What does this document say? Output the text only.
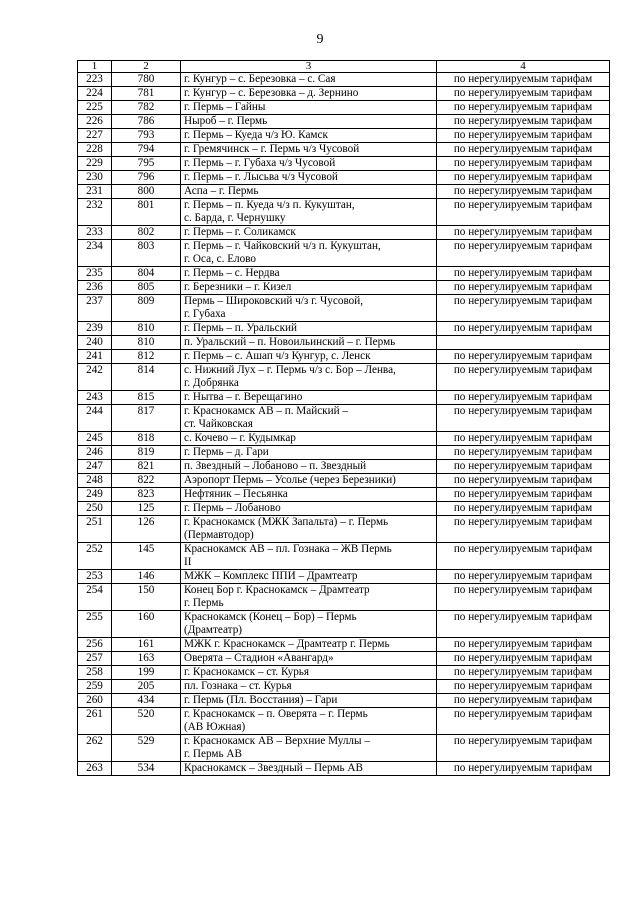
9
1	2	3	4
223	780	г. Кунгур – с. Березовка – с. Сая	по нерегулируемым тарифам
224	781	г. Кунгур – с. Березовка – д. Зернино	по нерегулируемым тарифам
225	782	г. Пермь – Гайны	по нерегулируемым тарифам
226	786	Ныроб – г. Пермь	по нерегулируемым тарифам
227	793	г. Пермь – Куеда ч/з Ю. Камск	по нерегулируемым тарифам
228	794	г. Гремячинск – г. Пермь ч/з Чусовой	по нерегулируемым тарифам
229	795	г. Пермь – г. Губаха ч/з Чусовой	по нерегулируемым тарифам
230	796	г. Пермь – г. Лысьва ч/з Чусовой	по нерегулируемым тарифам
231	800	Аспа – г. Пермь	по нерегулируемым тарифам
232	801	г. Пермь – п. Куеда ч/з п. Кукуштан,
с. Барда, г. Чернушку	по нерегулируемым тарифам
233	802	г. Пермь – г. Соликамск	по нерегулируемым тарифам
234	803	г. Пермь – г. Чайковский ч/з п. Кукуштан,
г. Оса, с. Елово	по нерегулируемым тарифам
235	804	г. Пермь – с. Нердва	по нерегулируемым тарифам
236	805	г. Березники – г. Кизел	по нерегулируемым тарифам
237	809	Пермь – Широковский ч/з г. Чусовой,
г. Губаха	по нерегулируемым тарифам
239	810	г. Пермь – п. Уральский	по нерегулируемым тарифам
240	810	п. Уральский – п. Новоильинский – г. Пермь	

241	812	г. Пермь – с. Ашап ч/з Кунгур, с. Ленск	по нерегулируемым тарифам
242	814	с. Нижний Лух – г. Пермь ч/з с. Бор – Ленва,
г. Добрянка	по нерегулируемым тарифам
243	815	г. Нытва – г. Верещагино	по нерегулируемым тарифам
244	817	г. Краснокамск АВ – п. Майский –
ст. Чайковская	по нерегулируемым тарифам
245	818	с. Кочево – г. Кудымкар	по нерегулируемым тарифам
246	819	г. Пермь – д. Гари	по нерегулируемым тарифам
247	821	п. Звездный – Лобаново – п. Звездный	по нерегулируемым тарифам
248	822	Аэропорт Пермь – Усолье (через Березники)	по нерегулируемым тарифам
249	823	Нефтяник – Песьянка	по нерегулируемым тарифам
250	125	г. Пермь – Лобаново	по нерегулируемым тарифам
251	126	г. Краснокамск (МЖК Запальта) – г. Пермь
(Пермавтодор)	по нерегулируемым тарифам
252	145	Краснокамск АВ – пл. Гознака – ЖВ Пермь
II	по нерегулируемым тарифам
253	146	МЖК – Комплекс ППИ – Драмтеатр	по нерегулируемым тарифам
254	150	Конец Бор г. Краснокамск – Драмтеатр
г. Пермь	по нерегулируемым тарифам
255	160	Краснокамск (Конец – Бор) – Пермь
(Драмтеатр)	по нерегулируемым тарифам
256	161	МЖК г. Краснокамск – Драмтеатр г. Пермь	по нерегулируемым тарифам
257	163	Оверята – Стадион «Авангард»	по нерегулируемым тарифам
258	199	г. Краснокамск – ст. Курья	по нерегулируемым тарифам
259	205	пл. Гознака – ст. Курья	по нерегулируемым тарифам
260	434	г. Пермь (Пл. Восстания) – Гари	по нерегулируемым тарифам
261	520	г. Краснокамск – п. Оверята – г. Пермь
(АВ Южная)	по нерегулируемым тарифам
262	529	г. Краснокамск АВ – Верхние Муллы –
г. Пермь АВ	по нерегулируемым тарифам
263	534	Краснокамск – Звездный – Пермь АВ	по нерегулируемым тарифам
